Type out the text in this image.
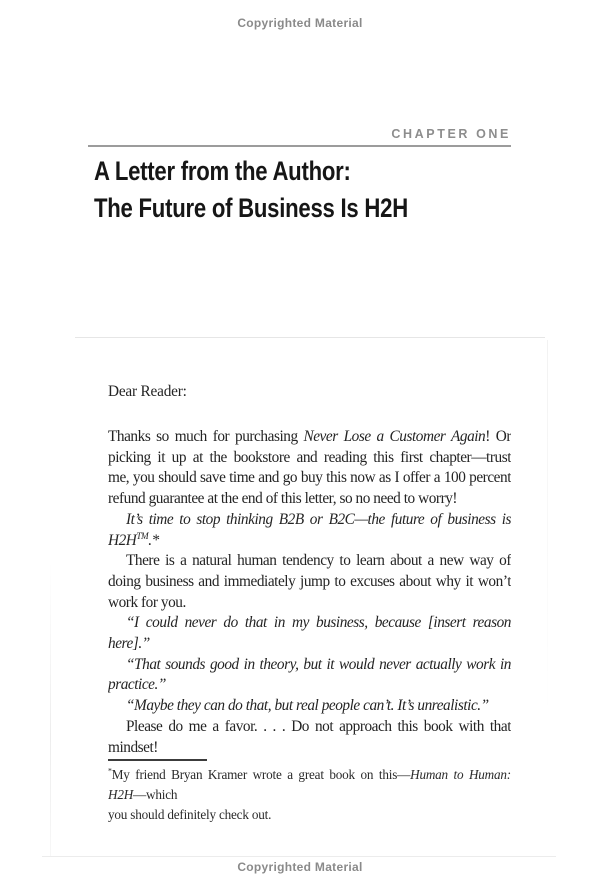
Copyrighted Material
CHAPTER ONE
A Letter from the Author:
The Future of Business Is H2H
Dear Reader:
Thanks so much for purchasing Never Lose a Customer Again! Or
picking it up at the bookstore and reading this first chapter—trust
me, you should save time and go buy this now as I offer a 100 percent
refund guarantee at the end of this letter, so no need to worry!
It’s time to stop thinking B2B or B2C—the future of business is
H2H™.*
There is a natural human tendency to learn about a new way of
doing business and immediately jump to excuses about why it won’t
work for you.
“I could never do that in my business, because [insert reason here].”
“That sounds good in theory, but it would never actually work in
practice.”
“Maybe they can do that, but real people can’t. It’s unrealistic.”
Please do me a favor. . . . Do not approach this book with that
mindset!
*My friend Bryan Kramer wrote a great book on this—Human to Human: H2H—which
you should definitely check out.
Copyrighted Material
